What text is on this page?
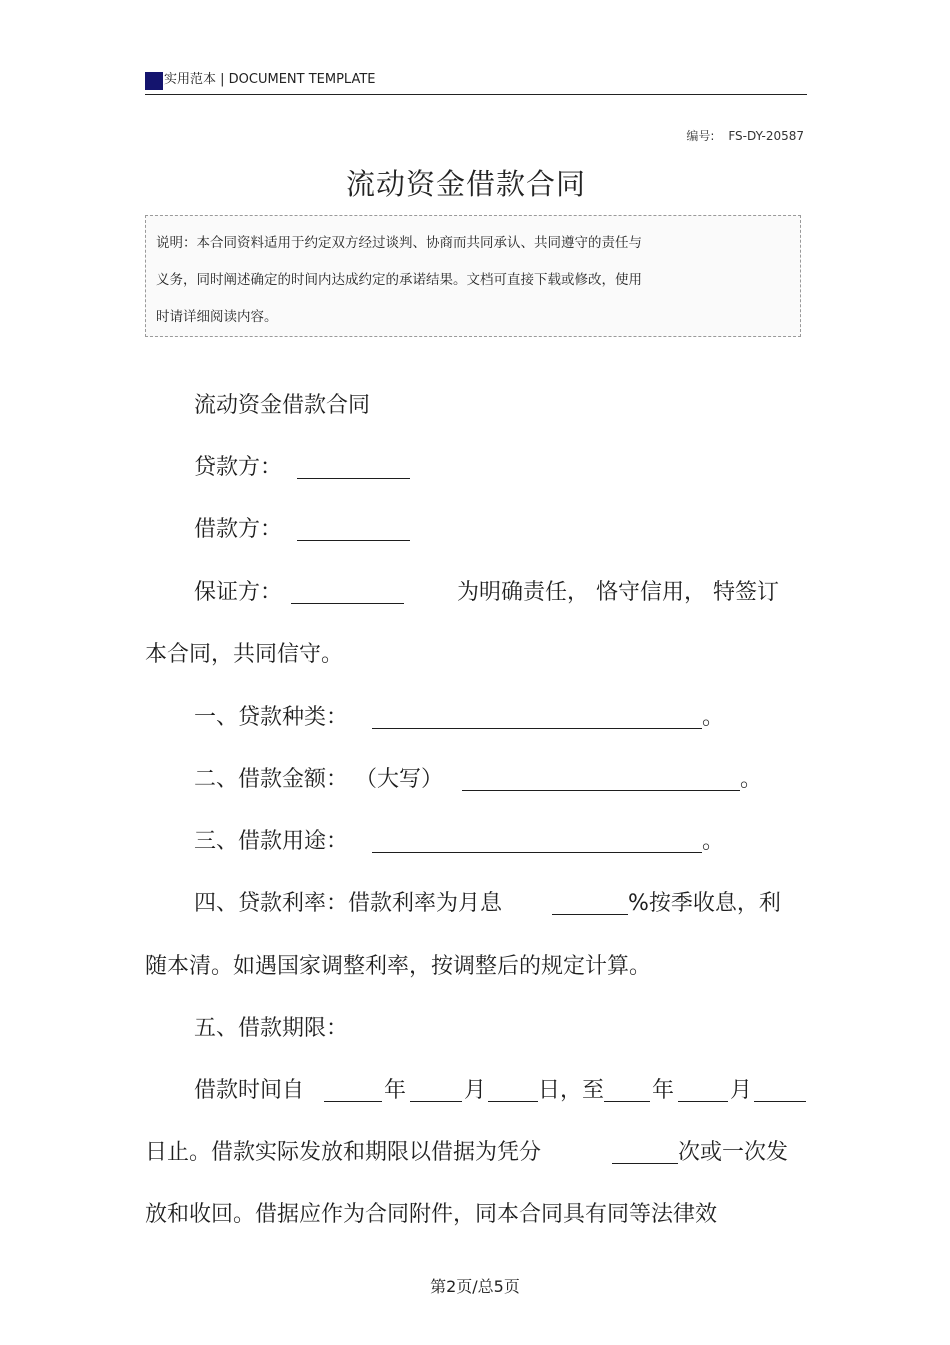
实用范本 | DOCUMENT TEMPLATE
编号: FS-DY-20587
流动资金借款合同
说明：本合同资料适用于约定双方经过谈判、协商而共同承认、共同遵守的责任与
义务，同时阐述确定的时间内达成约定的承诺结果。文档可直接下载或修改，使用
时请详细阅读内容。
流动资金借款合同
贷款方：
借款方：
保证方：	为明确责任， 恪守信用， 特签订
本合同，共同信守。
一、贷款种类：	。
二、借款金额： （大写）	。
三、借款用途：	。
四、贷款利率：借款利率为月息	%按季收息，利
随本清。如遇国家调整利率，按调整后的规定计算。
五、借款期限：
借款时间自	年	月 日，至 年	月
日止。借款实际发放和期限以借据为凭分	次或一次发
放和收回。借据应作为合同附件，同本合同具有同等法律效
第2页/总5页
